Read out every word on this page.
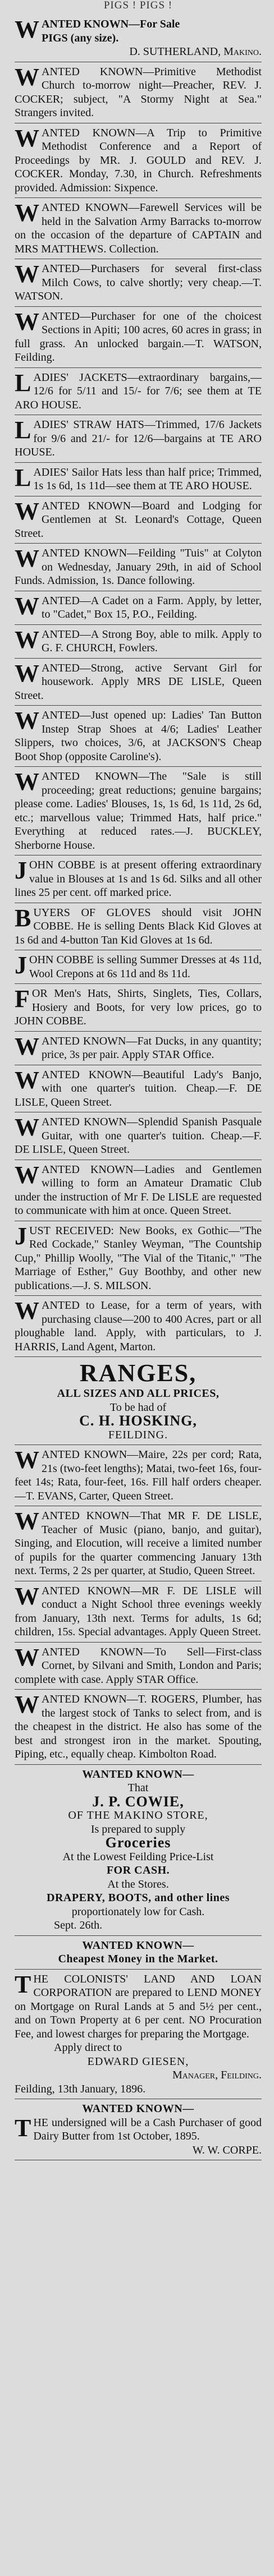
PIGS ! PIGS !

WANTED KNOWN—For Sale

PIGS (any size).

D. SUTHERLAND, Makino.

WANTED KNOWN—Primitive Methodist Church to-morrow night—Preacher, REV. J. COCKER; subject, "A Stormy Night at Sea." Strangers invited.

WANTED KNOWN—A Trip to Primitive Methodist Conference and a Report of Proceedings by MR. J. GOULD and REV. J. COCKER. Monday, 7.30, in Church. Refreshments provided. Admission: Sixpence.

WANTED KNOWN—Farewell Services will be held in the Salvation Army Barracks to-morrow on the occasion of the departure of CAPTAIN and MRS MATTHEWS. Collection.

WANTED—Purchasers for several first-class Milch Cows, to calve shortly; very cheap.—T. WATSON.

WANTED—Purchaser for one of the choicest Sections in Apiti; 100 acres, 60 acres in grass; in full grass. An unlocked bargain.—T. WATSON, Feilding.

LADIES' JACKETS—extraordinary bargains,—12/6 for 5/11 and 15/- for 7/6; see them at TE ARO HOUSE.

LADIES' STRAW HATS—Trimmed, 17/6 Jackets for 9/6 and 21/- for 12/6—bargains at TE ARO HOUSE.

LADIES' Sailor Hats less than half price; Trimmed, 1s 1s 6d, 1s 11d—see them at TE ARO HOUSE.

WANTED KNOWN—Board and Lodging for Gentlemen at St. Leonard's Cottage, Queen Street.

WANTED KNOWN—Feilding "Tuis" at Colyton on Wednesday, January 29th, in aid of School Funds. Admission, 1s. Dance following.

WANTED—A Cadet on a Farm. Apply, by letter, to "Cadet," Box 15, P.O., Feilding.

WANTED—A Strong Boy, able to milk. Apply to G. F. CHURCH, Fowlers.

WANTED—Strong, active Servant Girl for housework. Apply MRS DE LISLE, Queen Street.

WANTED—Just opened up: Ladies' Tan Button Instep Strap Shoes at 4/6; Ladies' Leather Slippers, two choices, 3/6, at JACKSON'S Cheap Boot Shop (opposite Caroline's).

WANTED KNOWN—The "Sale is still proceeding; great reductions; genuine bargains; please come. Ladies' Blouses, 1s, 1s 6d, 1s 11d, 2s 6d, etc.; marvellous value; Trimmed Hats, half price." Everything at reduced rates.—J. BUCKLEY, Sherborne House.

JOHN COBBE is at present offering extraordinary value in Blouses at 1s and 1s 6d. Silks and all other lines 25 per cent. off marked price.

BUYERS OF GLOVES should visit JOHN COBBE. He is selling Dents Black Kid Gloves at 1s 6d and 4-button Tan Kid Gloves at 1s 6d.

JOHN COBBE is selling Summer Dresses at 4s 11d, Wool Crepons at 6s 11d and 8s 11d.

FOR Men's Hats, Shirts, Singlets, Ties, Collars, Hosiery and Boots, for very low prices, go to JOHN COBBE.

WANTED KNOWN—Fat Ducks, in any quantity; price, 3s per pair. Apply STAR Office.

WANTED KNOWN—Beautiful Lady's Banjo, with one quarter's tuition. Cheap.—F. DE LISLE, Queen Street.

WANTED KNOWN—Splendid Spanish Pasquale Guitar, with one quarter's tuition. Cheap.—F. DE LISLE, Queen Street.

WANTED KNOWN—Ladies and Gentlemen willing to form an Amateur Dramatic Club under the instruction of Mr F. De LISLE are requested to communicate with him at once. Queen Street.

JUST RECEIVED: New Books, ex Gothic—"The Red Cockade," Stanley Weyman, "The Countship Cup," Phillip Woolly, "The Vial of the Titanic," "The Marriage of Esther," Guy Boothby, and other new publications.—J. S. MILSON.

WANTED to Lease, for a term of years, with purchasing clause—200 to 400 Acres, part or all ploughable land. Apply, with particulars, to J. HARRIS, Land Agent, Marton.

RANGES,

ALL SIZES AND ALL PRICES,

To be had of

C. H. HOSKING,

FEILDING.

WANTED KNOWN—Maire, 22s per cord; Rata, 21s (two-feet lengths); Matai, two-feet 16s, four-feet 14s; Rata, four-feet, 16s. Fill half orders cheaper.—T. EVANS, Carter, Queen Street.

WANTED KNOWN—That MR F. DE LISLE, Teacher of Music (piano, banjo, and guitar), Singing, and Elocution, will receive a limited number of pupils for the quarter commencing January 13th next. Terms, 2 2s per quarter, at Studio, Queen Street.

WANTED KNOWN—MR F. DE LISLE will conduct a Night School three evenings weekly from January, 13th next. Terms for adults, 1s 6d; children, 15s. Special advantages. Apply Queen Street.

WANTED KNOWN—To Sell—First-class Cornet, by Silvani and Smith, London and Paris; complete with case. Apply STAR Office.

WANTED KNOWN—T. ROGERS, Plumber, has the largest stock of Tanks to select from, and is the cheapest in the district. He also has some of the best and strongest iron in the market. Spouting, Piping, etc., equally cheap. Kimbolton Road.

WANTED KNOWN—

That

J. P. COWIE,

OF THE MAKINO STORE,

Is prepared to supply

Groceries

At the Lowest Feilding Price-List

FOR CASH.

At the Stores.

DRAPERY, BOOTS, and other lines

proportionately low for Cash.

Sept. 26th.

WANTED KNOWN—

Cheapest Money in the Market.

THE COLONISTS' LAND AND LOAN CORPORATION are prepared to LEND MONEY on Mortgage on Rural Lands at 5 and 5½ per cent., and on Town Property at 6 per cent. NO Procuration Fee, and lowest charges for preparing the Mortgage.

Apply direct to

EDWARD GIESEN,

Manager, Feilding.

Feilding, 13th January, 1896.

WANTED KNOWN—

THE undersigned will be a Cash Purchaser of good Dairy Butter from 1st October, 1895.

W. W. CORPE.
